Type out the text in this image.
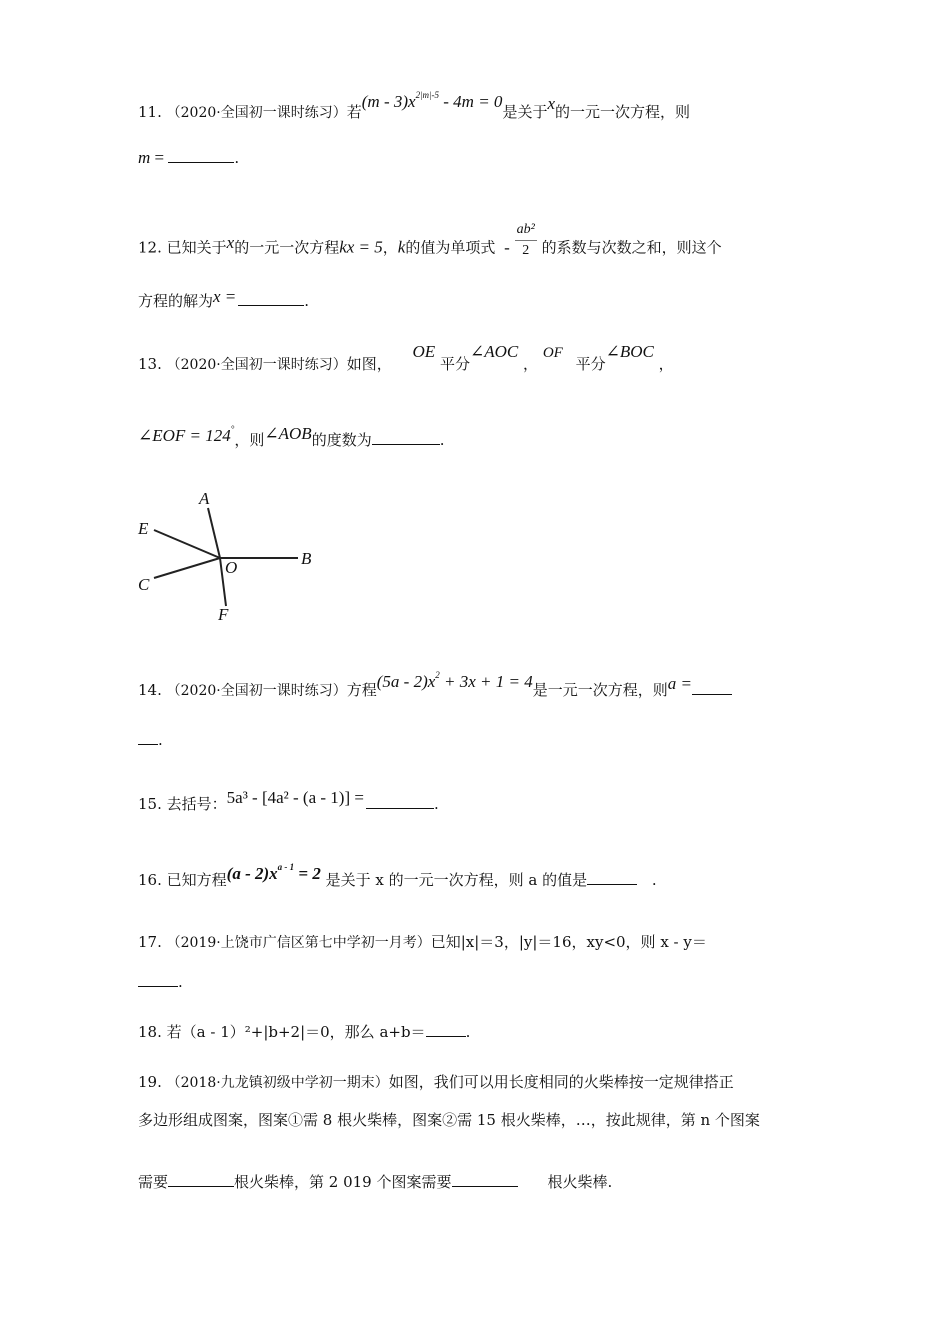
11. （2020·全国初一课时练习）若$(m - 3)x^{2|m|-5} - 4m = 0$是关于x的一元一次方程，则
m =	.
12. 已知关于x的一元一次方程kx = 5，k的值为单项式 - $\frac{\text{ab²}}{2}$ 的系数与次数之和，则这个
方程的解为x =	.
13. （2020·全国初一课时练习）如图， OE 平分∠AOC ， OF 平分∠BOC ，
∠EOF = 124°，则∠AOB的度数为	.
A
E
O	B
C
F
14. （2020·全国初一课时练习）方程$(5a - 2)x^2 + 3x + 1 = 4$是一元一次方程，则a =
.
15. 去括号：5a³ - [4a² - (a - 1)] =	.
16. 已知方程$(a - 2)x^{a - 1} = 2$ 是关于 x 的一元一次方程，则 a 的值是	.
17. （2019·上饶市广信区第七中学初一月考）已知|x|＝3，|y|＝16，xy<0，则 x - y＝
.
18. 若（a - 1）²+|b+2|＝0，那么 a+b＝	.
19. （2018·九龙镇初级中学初一期末）如图，我们可以用长度相同的火柴棒按一定规律搭正
多边形组成图案，图案①需 8 根火柴棒，图案②需 15 根火柴棒，…，按此规律，第 n 个图案
需要	根火柴棒，第 2 019 个图案需要	根火柴棒.
